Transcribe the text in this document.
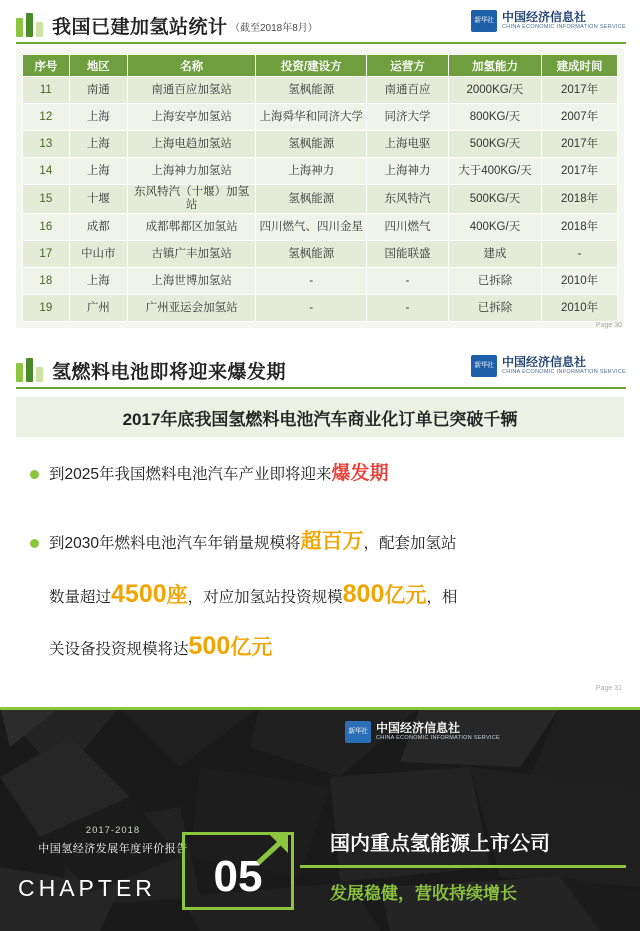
我国已建加氢站统计 （截至2018年8月）
新华社 中国经济信息社
CHINA ECONOMIC INFORMATION SERVICE
序号	地区	名称	投资/建设方	运营方	加氢能力	建成时间
11	南通	南通百应加氢站	氢枫能源	南通百应	2000KG/天	2017年
12	上海	上海安亭加氢站	上海舜华和同济大学	同济大学	800KG/天	2007年
13	上海	上海电趋加氢站	氢枫能源	上海电驱	500KG/天	2017年
14	上海	上海神力加氢站	上海神力	上海神力	大于400KG/天	2017年
15	十堰	东风特汽（十堰）加氢站	氢枫能源	东风特汽	500KG/天	2018年
16	成都	成都郫都区加氢站	四川燃气、四川金星	四川燃气	400KG/天	2018年
17	中山市	古镇广丰加氢站	氢枫能源	国能联盛	建成	-
18	上海	上海世博加氢站	-	-	已拆除	2010年
19	广州	广州亚运会加氢站	-	-	已拆除	2010年
Page 30
氢燃料电池即将迎来爆发期	新华社 中国经济信息社
CHINA ECONOMIC INFORMATION SERVICE
2017年底我国氢燃料电池汽车商业化订单已突破千辆
到2025年我国燃料电池汽车产业即将迎来爆发期
到2030年燃料电池汽车年销量规模将超百万，配套加氢站
数量超过4500座，对应加氢站投资规模800亿元，相
关设备投资规模将达500亿元
Page 31
新华社 中国经济信息社
CHINA ECONOMIC INFORMATION SERVICE
2017-2018
中国氢经济发展年度评价报告
CHAPTER	05
国内重点氢能源上市公司
发展稳健，营收持续增长
